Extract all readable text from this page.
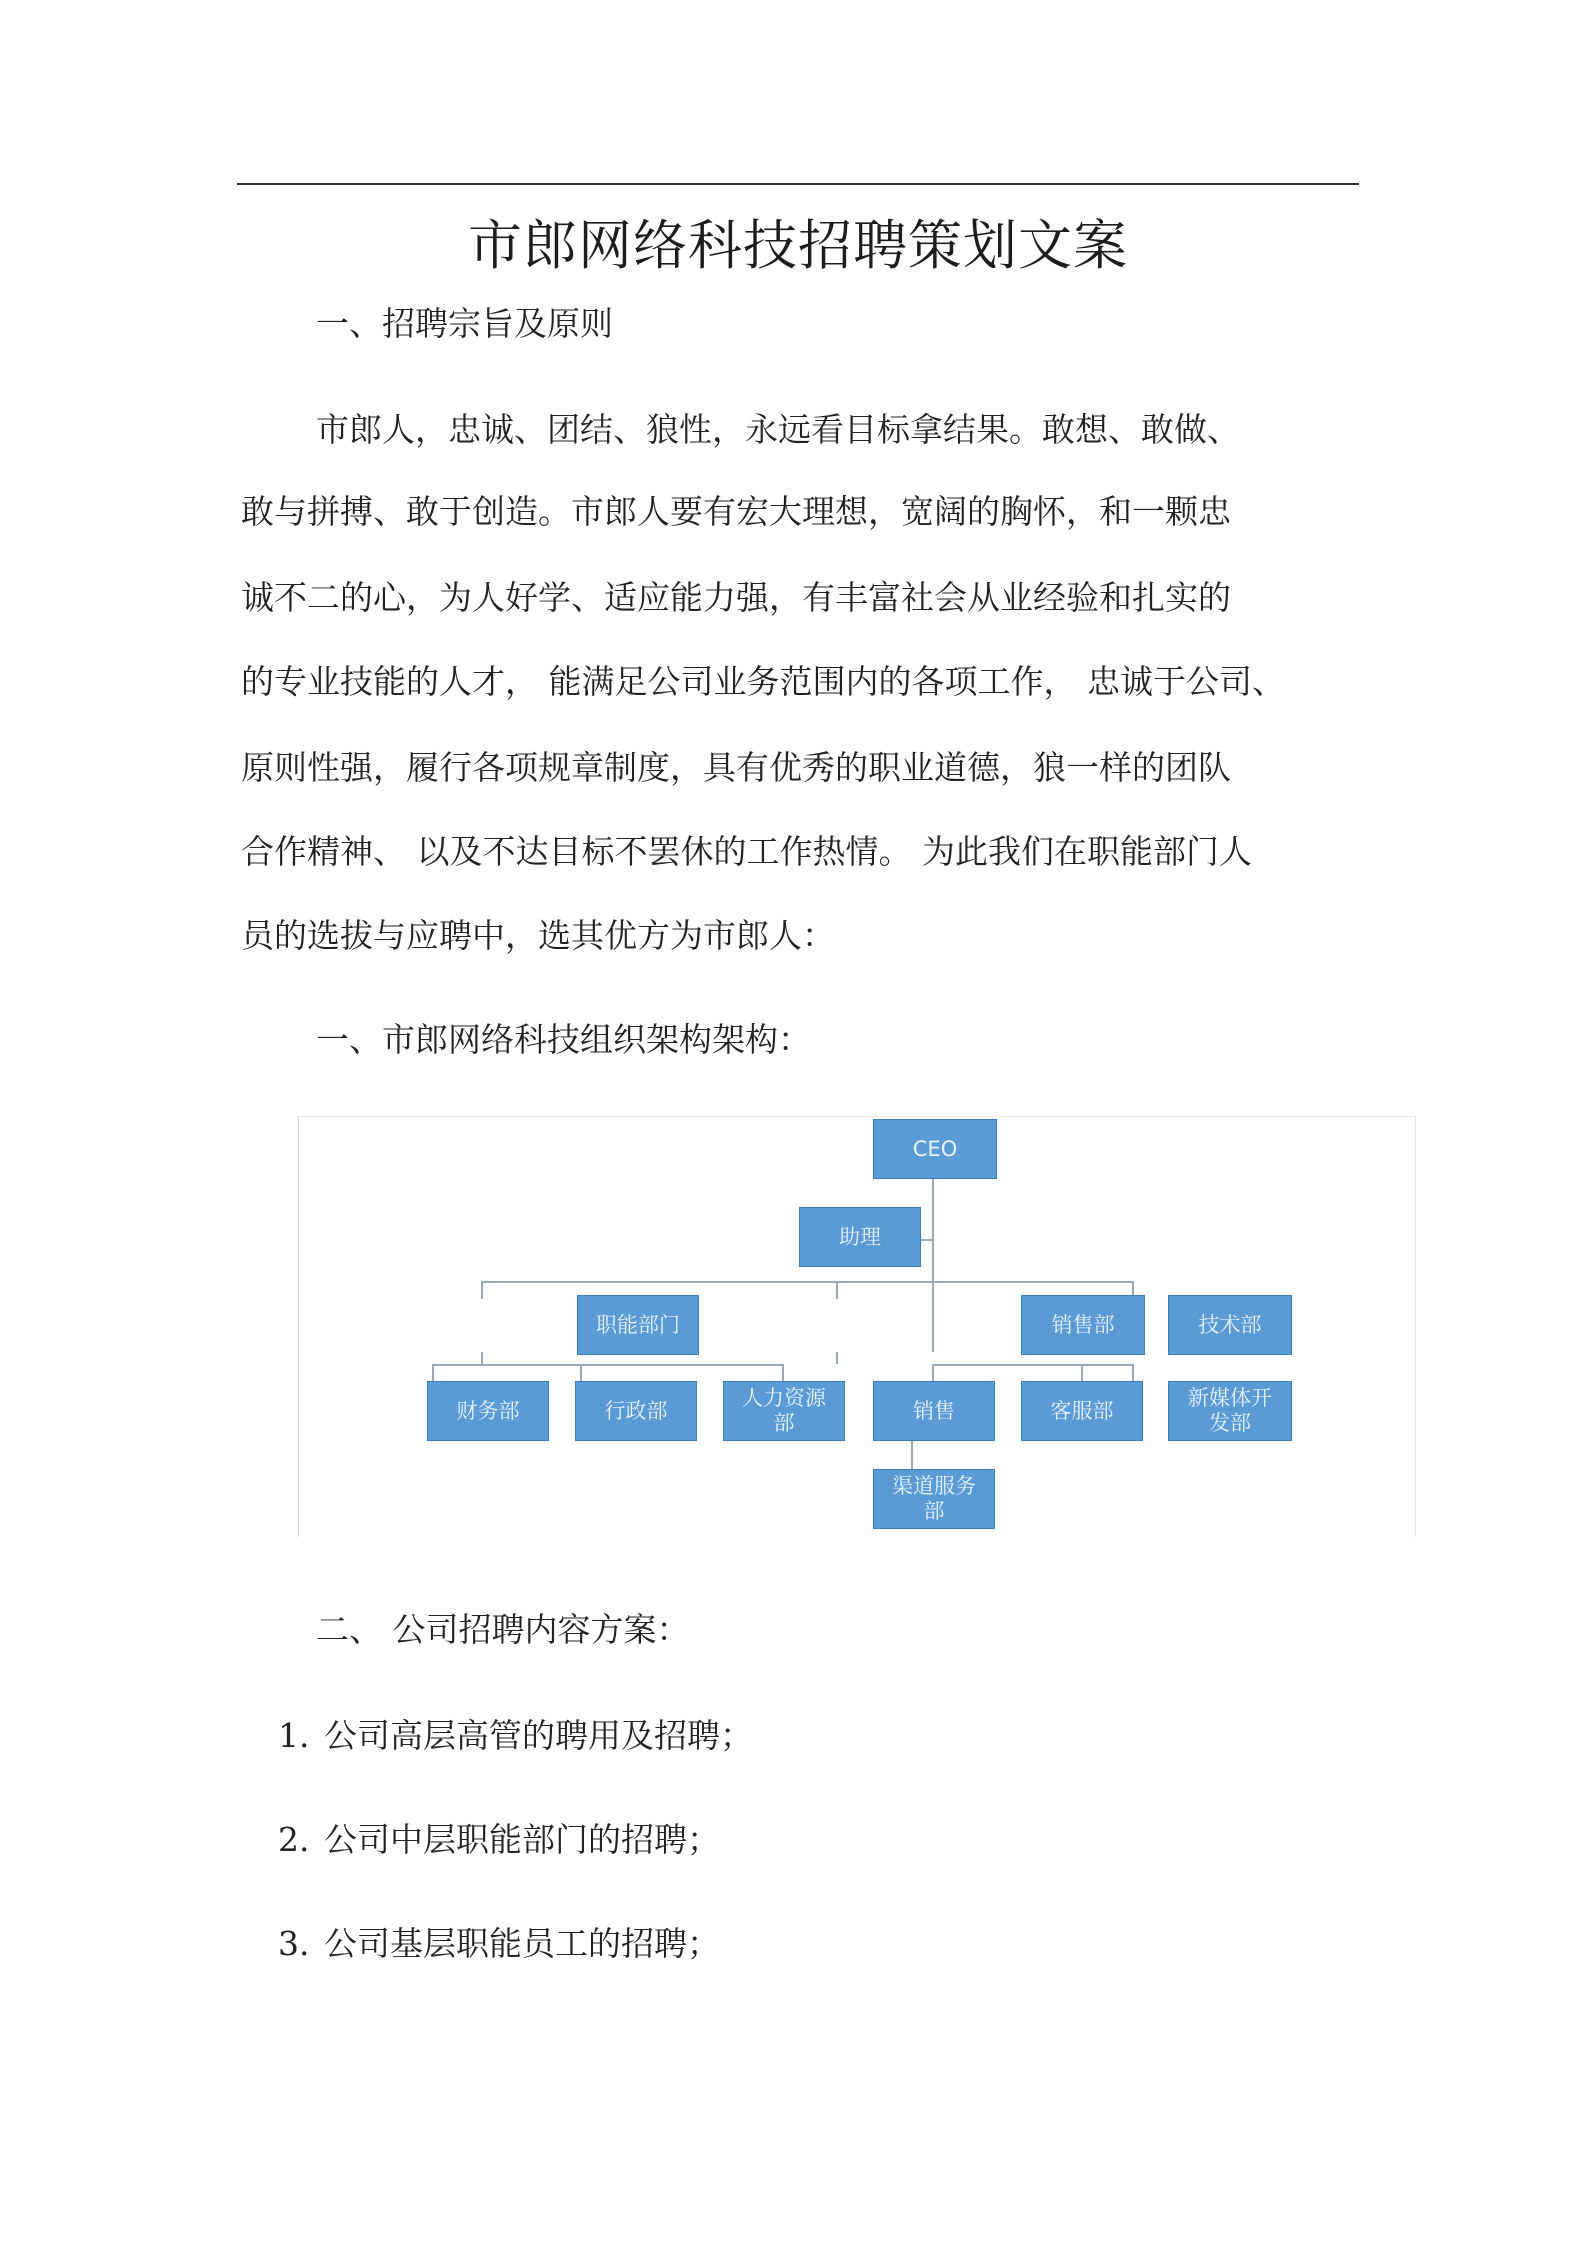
市郎网络科技招聘策划文案
一、招聘宗旨及原则
市郎人，忠诚、团结、狼性，永远看目标拿结果。敢想、敢做、
敢与拼搏、敢于创造。市郎人要有宏大理想，宽阔的胸怀，和一颗忠
诚不二的心，为人好学、适应能力强，有丰富社会从业经验和扎实的
的专业技能的人才， 能满足公司业务范围内的各项工作， 忠诚于公司、
原则性强，履行各项规章制度，具有优秀的职业道德，狼一样的团队
合作精神、 以及不达目标不罢休的工作热情。 为此我们在职能部门人
员的选拔与应聘中，选其优方为市郎人：
一、市郎网络科技组织架构架构：
CEO
助理
职能部门	销售部	技术部
财务部	行政部
人力资源
部
销售	客服部
新媒体开
发部
渠道服务
部
二、 公司招聘内容方案：
1. 公司高层高管的聘用及招聘；
2. 公司中层职能部门的招聘；
3. 公司基层职能员工的招聘；
